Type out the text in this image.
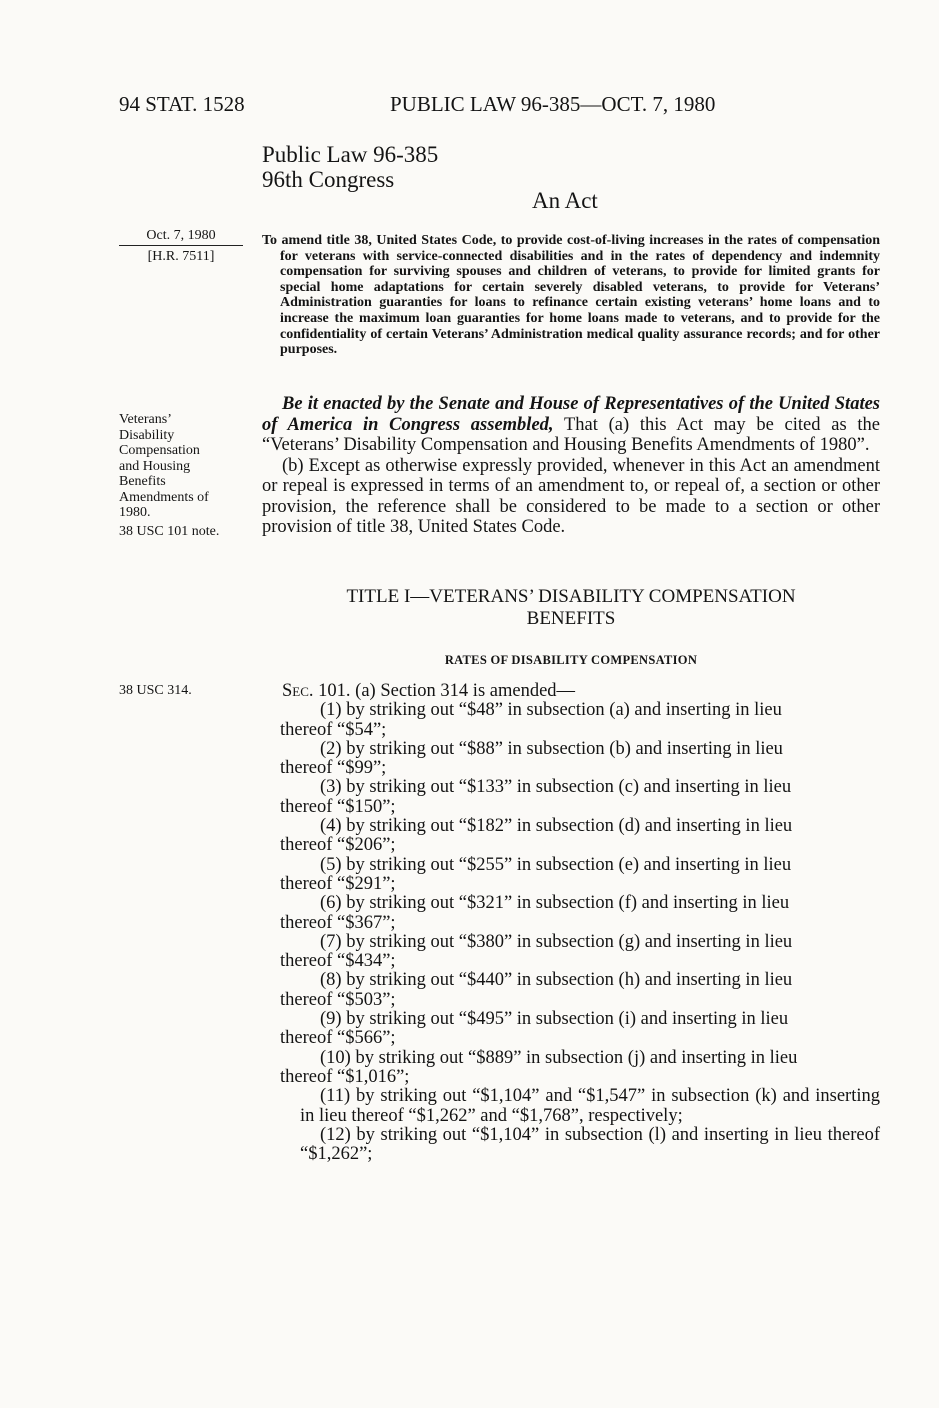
94 STAT. 1528	PUBLIC LAW 96-385—OCT. 7, 1980
Public Law 96-385
96th Congress
An Act
Oct. 7, 1980
[H.R. 7511]
To amend title 38, United States Code, to provide cost-of-living increases in the rates of compensation for veterans with service-connected disabilities and in the rates of dependency and indemnity compensation for surviving spouses and children of veterans, to provide for limited grants for special home adaptations for certain severely disabled veterans, to provide for Veterans’ Administration guaranties for loans to refinance certain existing veterans’ home loans and to increase the maximum loan guaranties for home loans made to veterans, and to provide for the confidentiality of certain Veterans’ Administration medical quality assurance records; and for other purposes.
Veterans’
Disability
Compensation
and Housing
Benefits
Amendments of
1980.
38 USC 101 note.

Be it enacted by the Senate and House of Representatives of the United States of America in Congress assembled, That (a) this Act may be cited as the “Veterans’ Disability Compensation and Housing Benefits Amendments of 1980”.

(b) Except as otherwise expressly provided, whenever in this Act an amendment or repeal is expressed in terms of an amendment to, or repeal of, a section or other provision, the reference shall be considered to be made to a section or other provision of title 38, United States Code.

TITLE I—VETERANS’ DISABILITY COMPENSATION
BENEFITS
RATES OF DISABILITY COMPENSATION
38 USC 314.	Sec. 101. (a) Section 314 is amended—

(1) by striking out “$48” in subsection (a) and inserting in lieu
thereof “$54”;

(2) by striking out “$88” in subsection (b) and inserting in lieu
thereof “$99”;

(3) by striking out “$133” in subsection (c) and inserting in lieu
thereof “$150”;

(4) by striking out “$182” in subsection (d) and inserting in lieu
thereof “$206”;

(5) by striking out “$255” in subsection (e) and inserting in lieu
thereof “$291”;

(6) by striking out “$321” in subsection (f) and inserting in lieu
thereof “$367”;

(7) by striking out “$380” in subsection (g) and inserting in lieu
thereof “$434”;

(8) by striking out “$440” in subsection (h) and inserting in lieu
thereof “$503”;

(9) by striking out “$495” in subsection (i) and inserting in lieu
thereof “$566”;

(10) by striking out “$889” in subsection (j) and inserting in lieu
thereof “$1,016”;

(11) by striking out “$1,104” and “$1,547” in subsection (k) and inserting in lieu thereof “$1,262” and “$1,768”, respectively;

(12) by striking out “$1,104” in subsection (l) and inserting in lieu thereof “$1,262”;
